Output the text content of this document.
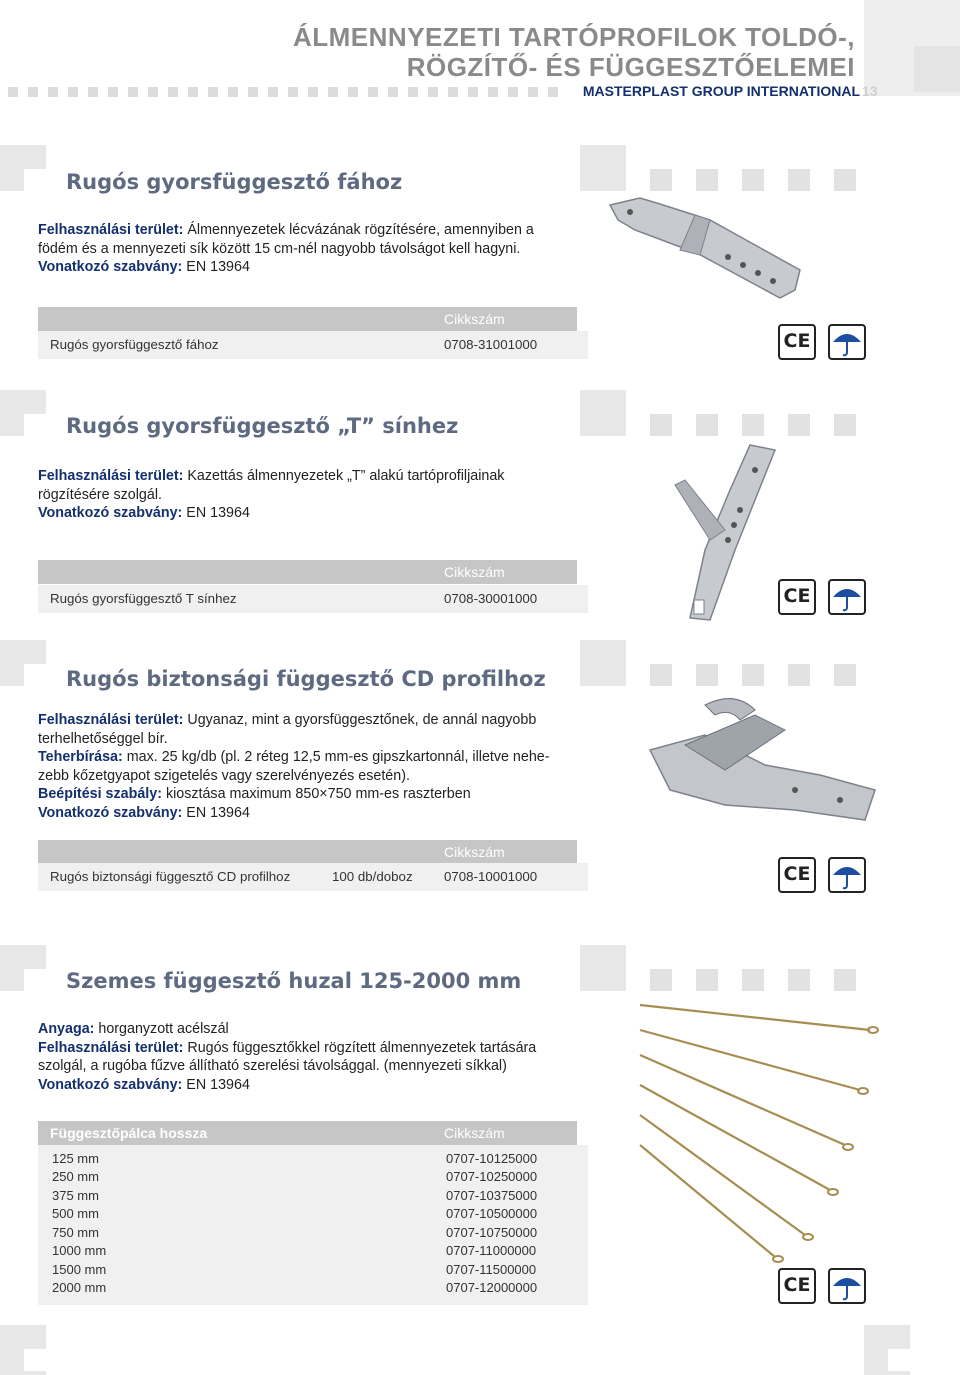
ÁLMENNYEZETI TARTÓPROFILOK TOLDÓ-,
RÖGZÍTŐ- ÉS FÜGGESZTŐELEMEI
MASTERPLAST GROUP INTERNATIONAL 13
Rugós gyorsfüggesztő fához
Felhasználási terület: Álmennyezetek lécvázának rögzítésére, amennyiben a
födém és a mennyezeti sík között 15 cm-nél nagyobb távolságot kell hagyni.
Vonatkozó szabvány: EN 13964
Cikkszám
Rugós gyorsfüggesztő fához	0708-31001000	CE
Rugós gyorsfüggesztő „T” sínhez
Felhasználási terület: Kazettás álmennyezetek „T” alakú tartóprofiljainak
rögzítésére szolgál.
Vonatkozó szabvány: EN 13964
Cikkszám
Rugós gyorsfüggesztő T sínhez	0708-30001000	CE
Rugós biztonsági függesztő CD profilhoz
Felhasználási terület: Ugyanaz, mint a gyorsfüggesztőnek, de annál nagyobb
terhelhetőséggel bír.
Teherbírása: max. 25 kg/db (pl. 2 réteg 12,5 mm-es gipszkartonnál, illetve nehe-
zebb kőzetgyapot szigetelés vagy szerelvényezés esetén).
Beépítési szabály: kiosztása maximum 850×750 mm-es raszterben
Vonatkozó szabvány: EN 13964
Cikkszám
Rugós biztonsági függesztő CD profilhoz	100 db/doboz 0708-10001000	CE
Szemes függesztő huzal 125-2000 mm
Anyaga: horganyzott acélszál
Felhasználási terület: Rugós függesztőkkel rögzített álmennyezetek tartására
szolgál, a rugóba fűzve állítható szerelési távolsággal. (mennyezeti síkkal)
Vonatkozó szabvány: EN 13964
Függesztőpálca hossza	Cikkszám
125 mm	0707-10125000
250 mm	0707-10250000
375 mm	0707-10375000
500 mm	0707-10500000
750 mm	0707-10750000
1000 mm	0707-11000000
1500 mm	0707-11500000
2000 mm	0707-12000000	CE
